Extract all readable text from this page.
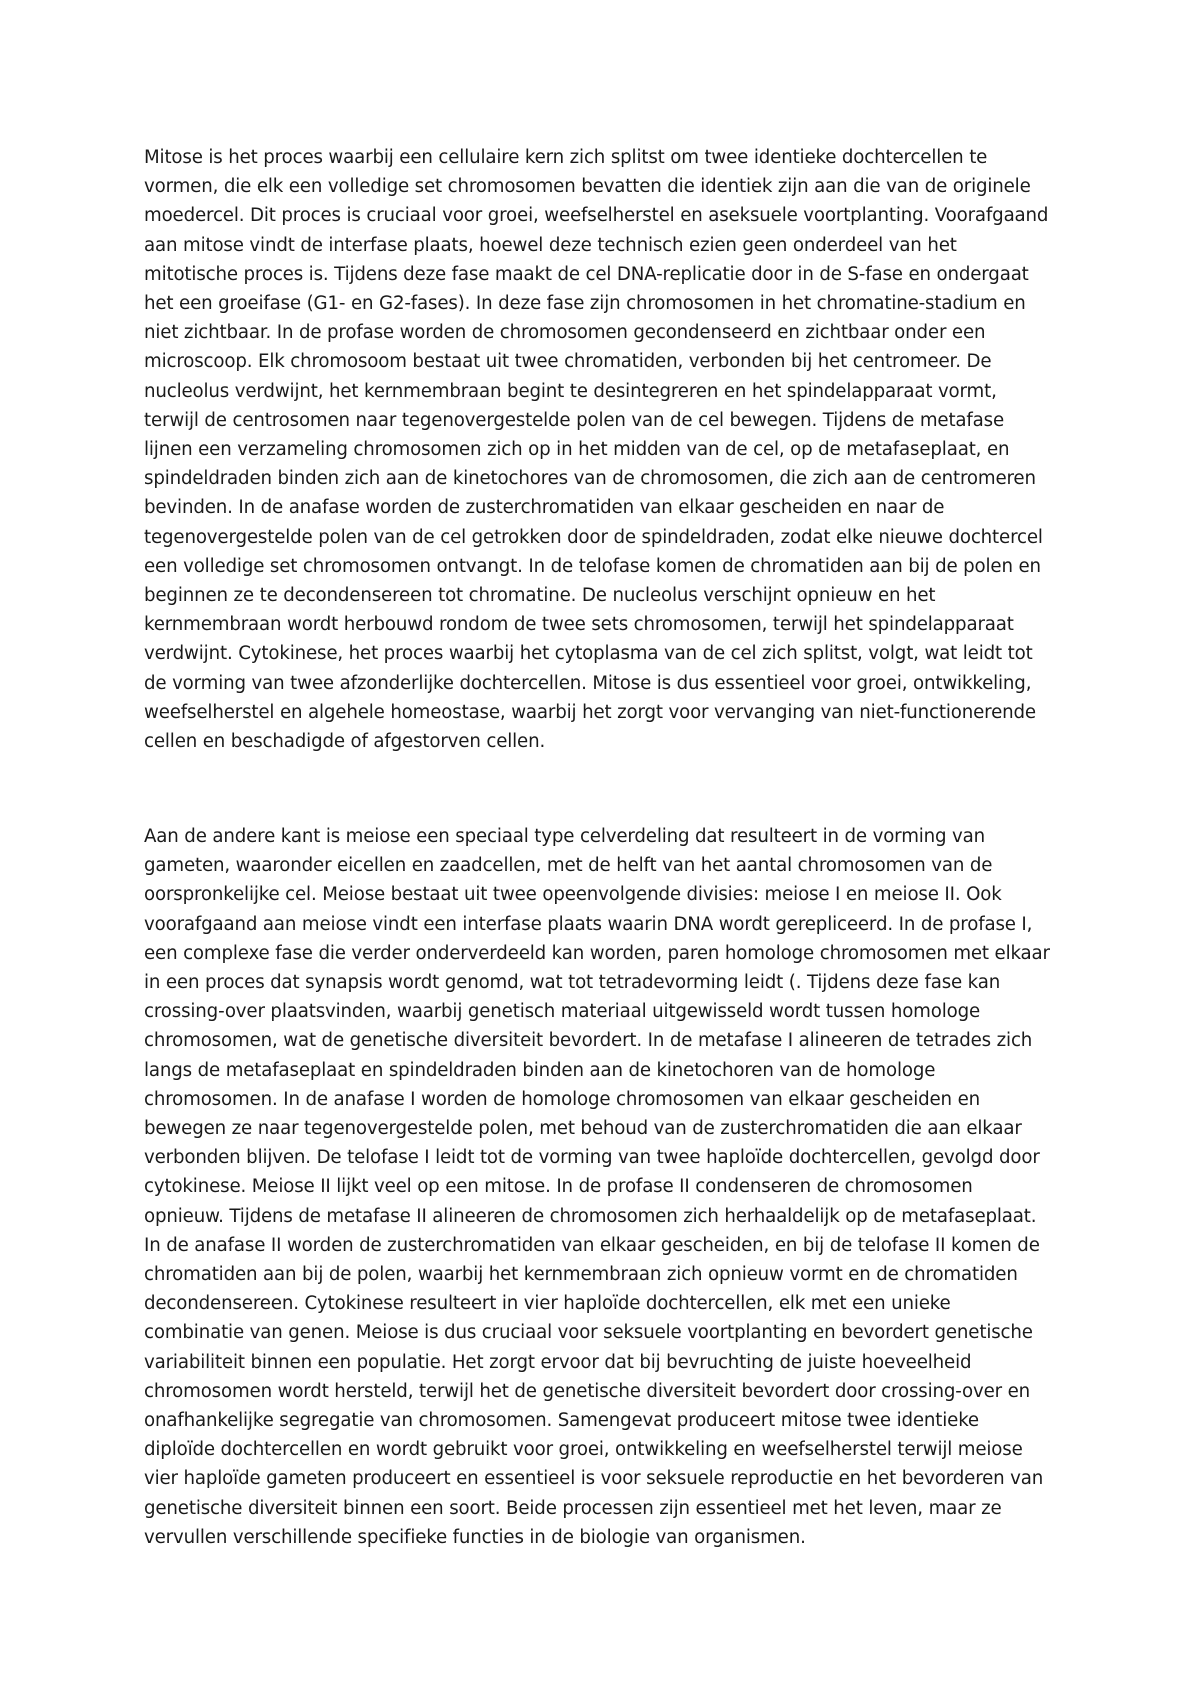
Mitose is het proces waarbij een cellulaire kern zich splitst om twee identieke dochtercellen te vormen, die elk een volledige set chromosomen bevatten die identiek zijn aan die van de originele moedercel. Dit proces is cruciaal voor groei, weefselherstel en aseksuele voortplanting. Voorafgaand aan mitose vindt de interfase plaats, hoewel deze technisch ezien geen onderdeel van het mitotische proces is. Tijdens deze fase maakt de cel DNA-replicatie door in de S-fase en ondergaat het een groeifase (G1- en G2-fases). In deze fase zijn chromosomen in het chromatine-stadium en niet zichtbaar. In de profase worden de chromosomen gecondenseerd en zichtbaar onder een microscoop. Elk chromosoom bestaat uit twee chromatiden, verbonden bij het centromeer. De nucleolus verdwijnt, het kernmembraan begint te desintegreren en het spindelapparaat vormt, terwijl de centrosomen naar tegenovergestelde polen van de cel bewegen. Tijdens de metafase lijnen een verzameling chromosomen zich op in het midden van de cel, op de metafaseplaat, en spindeldraden binden zich aan de kinetochores van de chromosomen, die zich aan de centromeren bevinden. In de anafase worden de zusterchromatiden van elkaar gescheiden en naar de tegenovergestelde polen van de cel getrokken door de spindeldraden, zodat elke nieuwe dochtercel een volledige set chromosomen ontvangt. In de telofase komen de chromatiden aan bij de polen en beginnen ze te decondensereen tot chromatine. De nucleolus verschijnt opnieuw en het kernmembraan wordt herbouwd rondom de twee sets chromosomen, terwijl het spindelapparaat verdwijnt. Cytokinese, het proces waarbij het cytoplasma van de cel zich splitst, volgt, wat leidt tot de vorming van twee afzonderlijke dochtercellen. Mitose is dus essentieel voor groei, ontwikkeling, weefselherstel en algehele homeostase, waarbij het zorgt voor vervanging van niet-functionerende cellen en beschadigde of afgestorven cellen.

Aan de andere kant is meiose een speciaal type celverdeling dat resulteert in de vorming van gameten, waaronder eicellen en zaadcellen, met de helft van het aantal chromosomen van de oorspronkelijke cel. Meiose bestaat uit twee opeenvolgende divisies: meiose I en meiose II. Ook voorafgaand aan meiose vindt een interfase plaats waarin DNA wordt gerepliceerd. In de profase I, een complexe fase die verder onderverdeeld kan worden, paren homologe chromosomen met elkaar in een proces dat synapsis wordt genomd, wat tot tetradevorming leidt (. Tijdens deze fase kan crossing-over plaatsvinden, waarbij genetisch materiaal uitgewisseld wordt tussen homologe chromosomen, wat de genetische diversiteit bevordert. In de metafase I alineeren de tetrades zich langs de metafaseplaat en spindeldraden binden aan de kinetochoren van de homologe chromosomen. In de anafase I worden de homologe chromosomen van elkaar gescheiden en bewegen ze naar tegenovergestelde polen, met behoud van de zusterchromatiden die aan elkaar verbonden blijven. De telofase I leidt tot de vorming van twee haploïde dochtercellen, gevolgd door cytokinese. Meiose II lijkt veel op een mitose. In de profase II condenseren de chromosomen opnieuw. Tijdens de metafase II alineeren de chromosomen zich herhaaldelijk op de metafaseplaat. In de anafase II worden de zusterchromatiden van elkaar gescheiden, en bij de telofase II komen de chromatiden aan bij de polen, waarbij het kernmembraan zich opnieuw vormt en de chromatiden decondensereen. Cytokinese resulteert in vier haploïde dochtercellen, elk met een unieke combinatie van genen. Meiose is dus cruciaal voor seksuele voortplanting en bevordert genetische variabiliteit binnen een populatie. Het zorgt ervoor dat bij bevruchting de juiste hoeveelheid chromosomen wordt hersteld, terwijl het de genetische diversiteit bevordert door crossing-over en onafhankelijke segregatie van chromosomen. Samengevat produceert mitose twee identieke diploïde dochtercellen en wordt gebruikt voor groei, ontwikkeling en weefselherstel terwijl meiose vier haploïde gameten produceert en essentieel is voor seksuele reproductie en het bevorderen van genetische diversiteit binnen een soort. Beide processen zijn essentieel met het leven, maar ze vervullen verschillende specifieke functies in de biologie van organismen.
